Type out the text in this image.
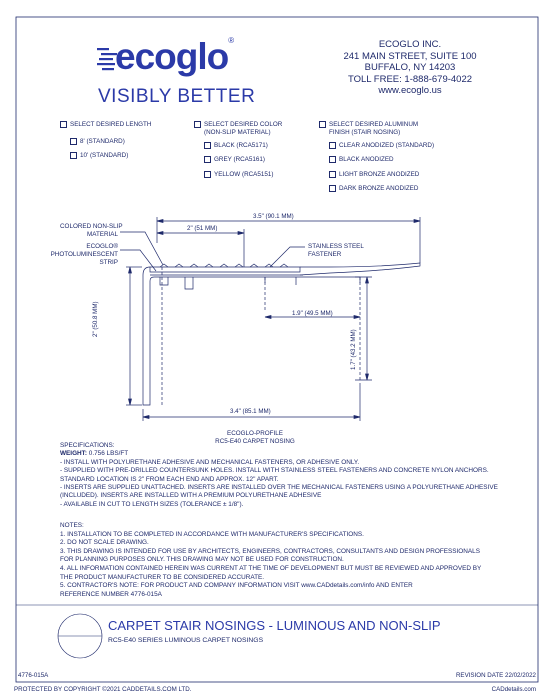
ecoglo®
VISIBLY BETTER
ECOGLO INC.
241 MAIN STREET, SUITE 100
BUFFALO, NY 14203
TOLL FREE: 1-888-679-4022
www.ecoglo.us
SELECT DESIRED LENGTH
8' (STANDARD)
10' (STANDARD)
SELECT DESIRED COLOR
(NON-SLIP MATERIAL)
BLACK (RCA5171)
GREY (RCA5161)
YELLOW (RCA5151)
SELECT DESIRED ALUMINUM
FINISH (STAIR NOSING)
CLEAR ANODIZED (STANDARD)
BLACK ANODIZED
LIGHT BRONZE ANODIZED
DARK BRONZE ANODIZED
3.5" (90.1 MM)
2" (51 MM)
1.9" (49.5 MM)
3.4" (85.1 MM)
2" (50.8 MM)
1.7" (43.2 MM)
COLORED NON-SLIP
MATERIAL
ECOGLO®
PHOTOLUMINESCENT
STRIP
STAINLESS STEEL
FASTENER
ECOGLO-PROFILE
RC5-E40 CARPET NOSING
SPECIFICATIONS:
WEIGHT: 0.756 LBS/FT
- INSTALL WITH POLYURETHANE ADHESIVE AND MECHANICAL FASTENERS, OR ADHESIVE ONLY.
- SUPPLIED WITH PRE-DRILLED COUNTERSUNK HOLES. INSTALL WITH STAINLESS STEEL FASTENERS AND CONCRETE NYLON ANCHORS.
STANDARD LOCATION IS 2" FROM EACH END AND APPROX. 12" APART.
- INSERTS ARE SUPPLIED UNATTACHED. INSERTS ARE INSTALLED OVER THE MECHANICAL FASTENERS USING A POLYURETHANE ADHESIVE
(INCLUDED). INSERTS ARE INSTALLED WITH A PREMIUM POLYURETHANE ADHESIVE
- AVAILABLE IN CUT TO LENGTH SIZES (TOLERANCE ± 1/8").
NOTES:
1. INSTALLATION TO BE COMPLETED IN ACCORDANCE WITH MANUFACTURER'S SPECIFICATIONS.
2. DO NOT SCALE DRAWING.
3. THIS DRAWING IS INTENDED FOR USE BY ARCHITECTS, ENGINEERS, CONTRACTORS, CONSULTANTS AND DESIGN PROFESSIONALS
FOR PLANNING PURPOSES ONLY. THIS DRAWING MAY NOT BE USED FOR CONSTRUCTION.
4. ALL INFORMATION CONTAINED HEREIN WAS CURRENT AT THE TIME OF DEVELOPMENT BUT MUST BE REVIEWED AND APPROVED BY
THE PRODUCT MANUFACTURER TO BE CONSIDERED ACCURATE.
5. CONTRACTOR'S NOTE: FOR PRODUCT AND COMPANY INFORMATION VISIT www.CADdetails.com/info AND ENTER
REFERENCE NUMBER 4776-015A
CARPET STAIR NOSINGS - LUMINOUS AND NON-SLIP
RC5-E40 SERIES LUMINOUS CARPET NOSINGS
4776-015A	REVISION DATE 22/02/2022
PROTECTED BY COPYRIGHT ©2021 CADDETAILS.COM LTD.	CADdetails.com
